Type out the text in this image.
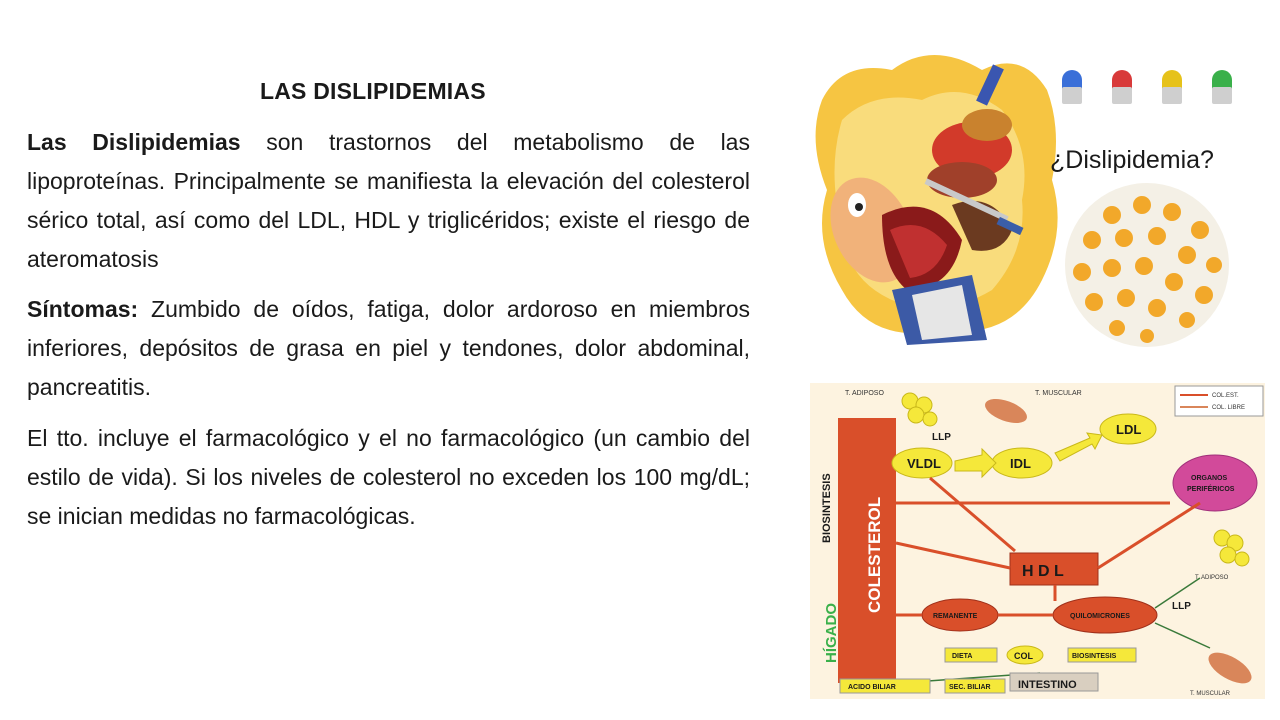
LAS DISLIPIDEMIAS

Las Dislipidemias son trastornos del metabolismo de las lipoproteínas. Principalmente se manifiesta la elevación del colesterol sérico total, así como del LDL, HDL y triglicéridos; existe el riesgo de ateromatosis

Síntomas: Zumbido de oídos, fatiga, dolor ardoroso en miembros inferiores, depósitos de grasa en piel y tendones, dolor abdominal, pancreatitis.

El tto. incluye el farmacológico y el no farmacológico (un cambio del estilo de vida). Si los niveles de colesterol no exceden los 100 mg/dL; se inician medidas no farmacológicas.

¿Dislipidemia?
T. ADIPOSO	T. MUSCULAR	COL.EST.
COL. LIBRE
BIOSINTESIS COLESTEROL
HÍGADO
VLDL	IDL
LDL
LLP
ORGANOS
PERIFÉRICOS
H D L	T. ADIPOSO
REMANENTE	QUILOMICRONES
LLP
DIETA	COL	BIOSINTESIS
ACIDO BILIAR	SEC. BILIAR INTESTINO
T. MUSCULAR
